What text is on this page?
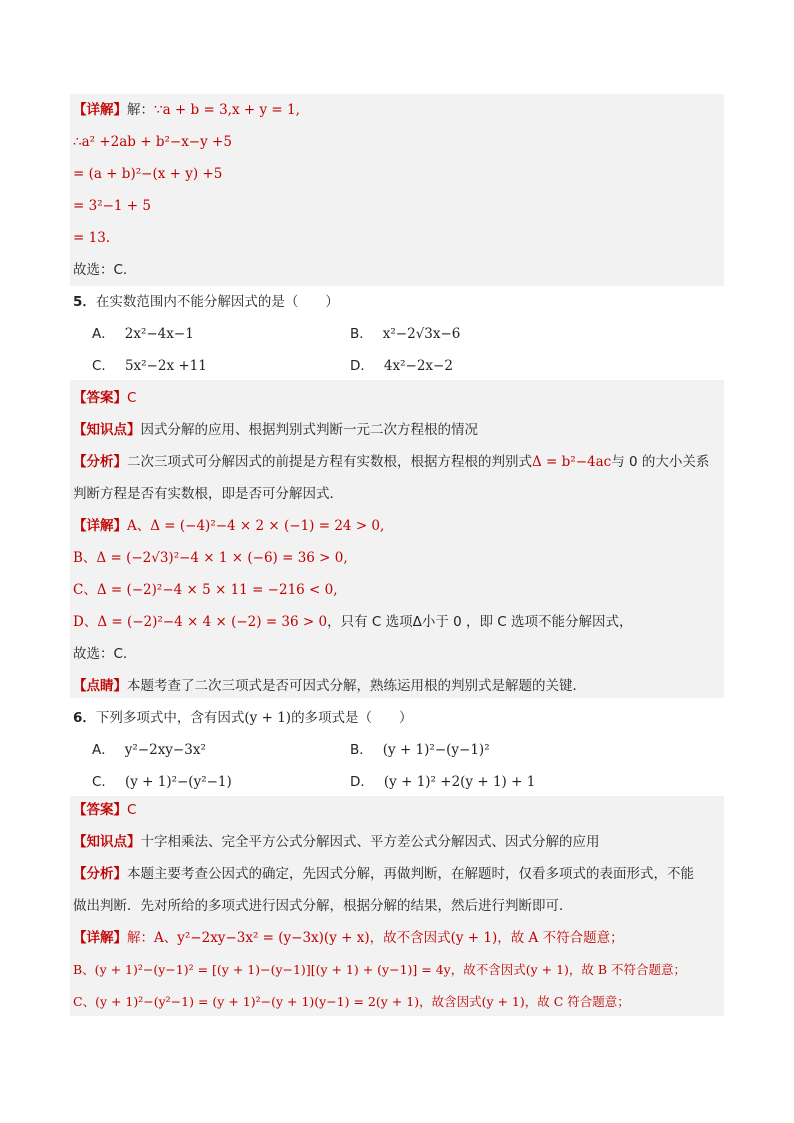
【详解】解：∵a + b = 3,x + y = 1,
∴a² +2ab + b²−x−y +5
= (a + b)²−(x + y) +5
= 3²−1 + 5
= 13.
故选：C.
5．在实数范围内不能分解因式的是（　　）
A． 2x²−4x−1	B． x²−2√3x−6
C． 5x²−2x +11	D． 4x²−2x−2
【答案】C
【知识点】因式分解的应用、根据判别式判断一元二次方程根的情况
【分析】二次三项式可分解因式的前提是方程有实数根，根据方程根的判别式Δ = b²−4ac与 0 的大小关系
判断方程是否有实数根，即是否可分解因式．
【详解】A、Δ = (−4)²−4 × 2 × (−1) = 24 > 0,
B、Δ = (−2√3)²−4 × 1 × (−6) = 36 > 0,
C、Δ = (−2)²−4 × 5 × 11 = −216 < 0,
D、Δ = (−2)²−4 × 4 × (−2) = 36 > 0，只有 C 选项Δ小于 0 ，即 C 选项不能分解因式，
故选：C.
【点睛】本题考查了二次三项式是否可因式分解，熟练运用根的判别式是解题的关键．
6．下列多项式中，含有因式(y + 1)的多项式是（　　）
A． y²−2xy−3x²	B． (y + 1)²−(y−1)²
C． (y + 1)²−(y²−1)	D． (y + 1)² +2(y + 1) + 1
【答案】C
【知识点】十字相乘法、完全平方公式分解因式、平方差公式分解因式、因式分解的应用
【分析】本题主要考查公因式的确定，先因式分解，再做判断，在解题时，仅看多项式的表面形式，不能
做出判断．先对所给的多项式进行因式分解，根据分解的结果，然后进行判断即可．
【详解】解：A、y²−2xy−3x² = (y−3x)(y + x)，故不含因式(y + 1)，故 A 不符合题意；
B、(y + 1)²−(y−1)² = [(y + 1)−(y−1)][(y + 1) + (y−1)] = 4y，故不含因式(y + 1)，故 B 不符合题意；
C、(y + 1)²−(y²−1) = (y + 1)²−(y + 1)(y−1) = 2(y + 1)，故含因式(y + 1)，故 C 符合题意；
